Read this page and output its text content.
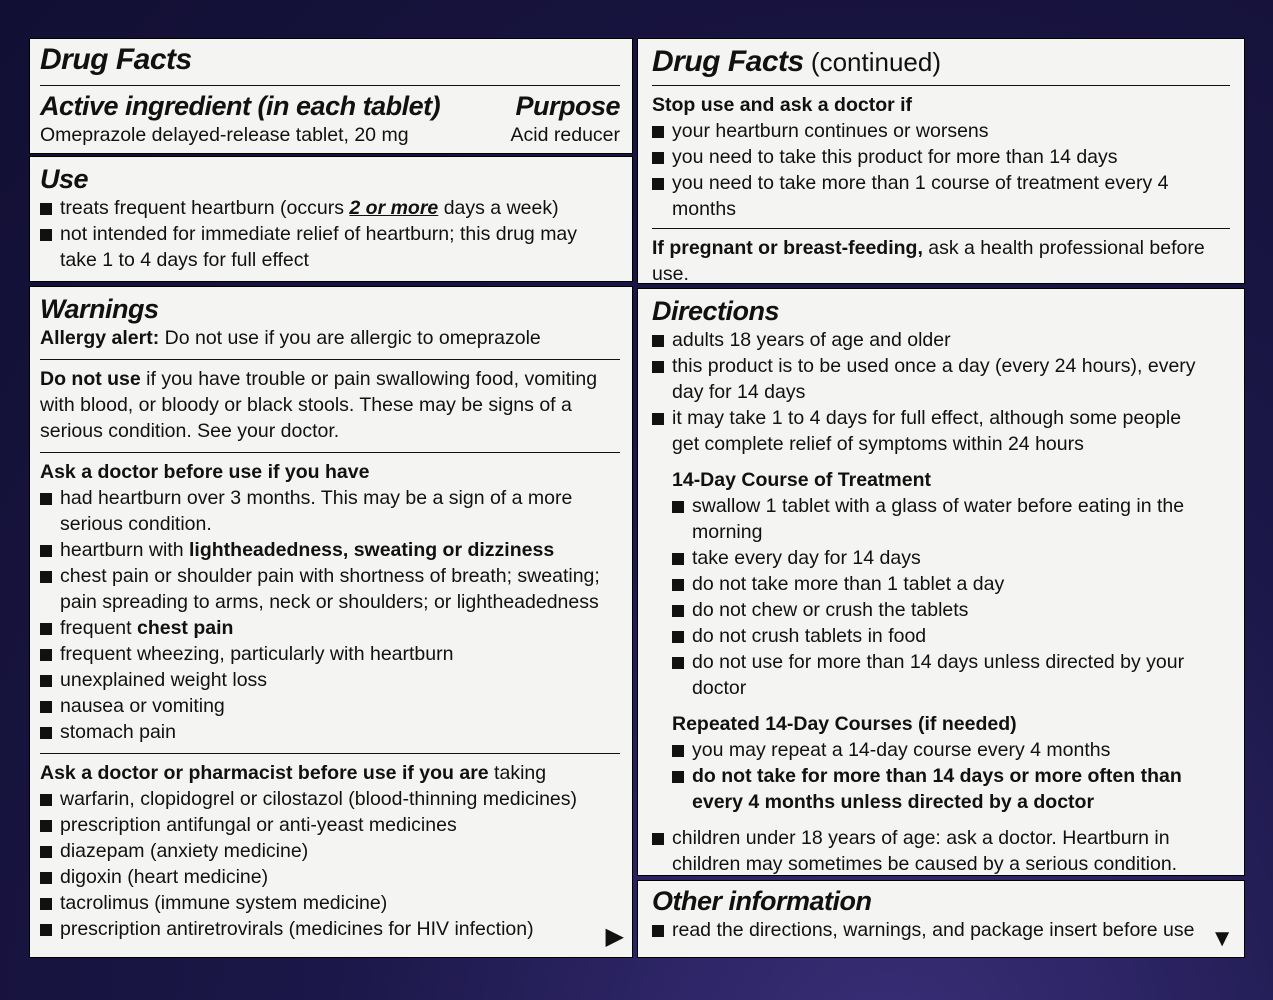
Drug Facts
Active ingredient (in each tablet)	Purpose
Omeprazole delayed-release tablet, 20 mg	Acid reducer
Use
treats frequent heartburn (occurs 2 or more days a week)
not intended for immediate relief of heartburn; this drug may take 1 to 4 days for full effect
Warnings
Allergy alert: Do not use if you are allergic to omeprazole
Do not use if you have trouble or pain swallowing food, vomiting with blood, or bloody or black stools. These may be signs of a serious condition. See your doctor.
Ask a doctor before use if you have
had heartburn over 3 months. This may be a sign of a more serious condition.
heartburn with lightheadedness, sweating or dizziness
chest pain or shoulder pain with shortness of breath; sweating; pain spreading to arms, neck or shoulders; or lightheadedness
frequent chest pain
frequent wheezing, particularly with heartburn
unexplained weight loss
nausea or vomiting
stomach pain
Ask a doctor or pharmacist before use if you are taking
warfarin, clopidogrel or cilostazol (blood-thinning medicines)
prescription antifungal or anti-yeast medicines
diazepam (anxiety medicine)
digoxin (heart medicine)
tacrolimus (immune system medicine)
prescription antiretrovirals (medicines for HIV infection)	▶
Drug Facts (continued)
Stop use and ask a doctor if
your heartburn continues or worsens
you need to take this product for more than 14 days
you need to take more than 1 course of treatment every 4 months
If pregnant or breast-feeding, ask a health professional before use.
Directions
adults 18 years of age and older
this product is to be used once a day (every 24 hours), every day for 14 days
it may take 1 to 4 days for full effect, although some people get complete relief of symptoms within 24 hours
14-Day Course of Treatment
swallow 1 tablet with a glass of water before eating in the morning
take every day for 14 days
do not take more than 1 tablet a day
do not chew or crush the tablets
do not crush tablets in food
do not use for more than 14 days unless directed by your doctor
Repeated 14-Day Courses (if needed)
you may repeat a 14-day course every 4 months
do not take for more than 14 days or more often than every 4 months unless directed by a doctor
children under 18 years of age: ask a doctor. Heartburn in children may sometimes be caused by a serious condition.
Other information
read the directions, warnings, and package insert before use ▼
